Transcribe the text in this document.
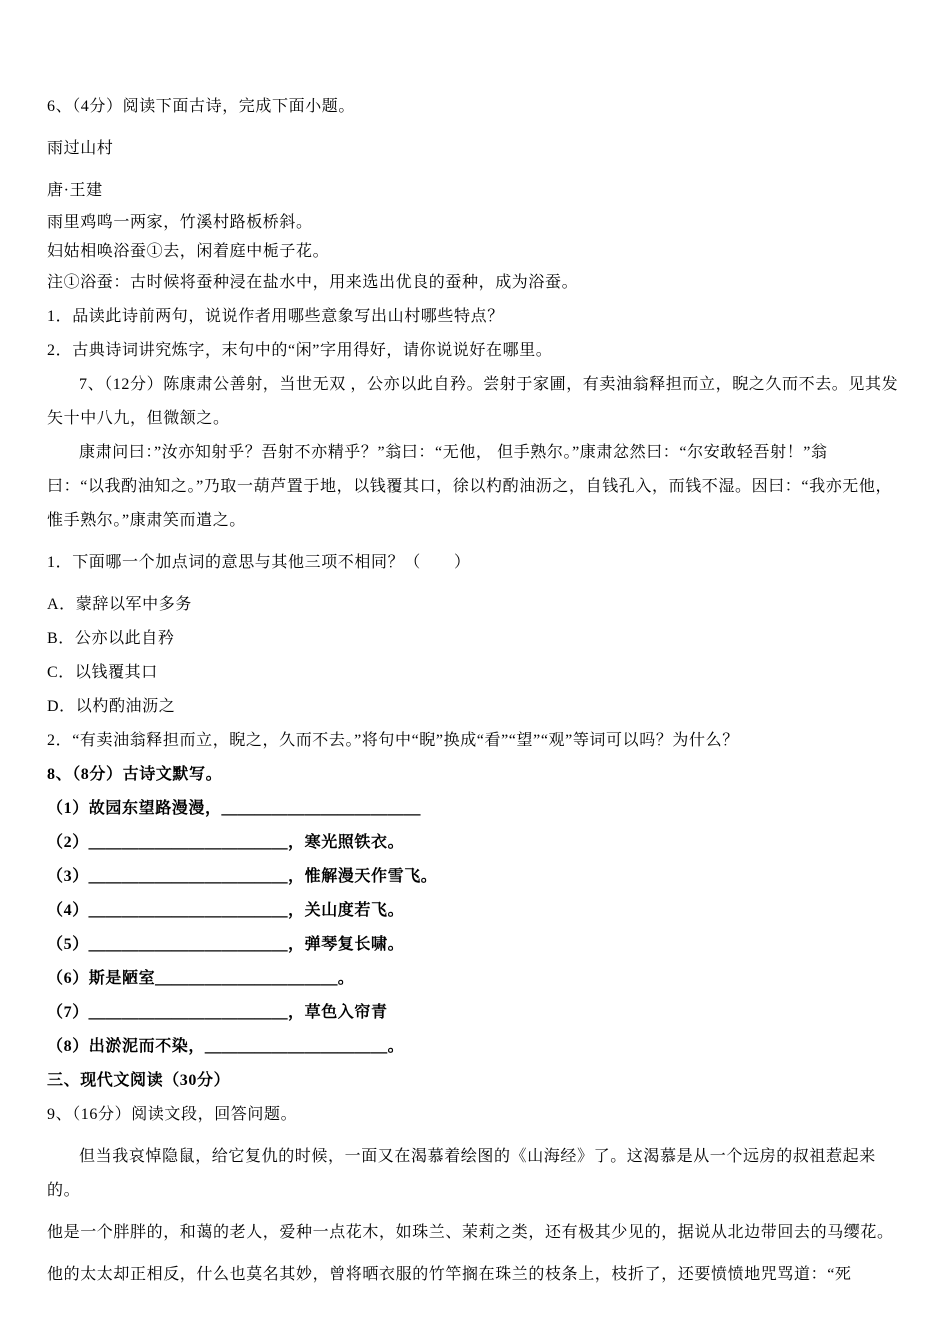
6、（4分）阅读下面古诗，完成下面小题。
雨过山村
唐·王建
雨里鸡鸣一两家，竹溪村路板桥斜。
妇姑相唤浴蚕①去，闲着庭中栀子花。
注①浴蚕：古时候将蚕种浸在盐水中，用来选出优良的蚕种，成为浴蚕。
1．品读此诗前两句，说说作者用哪些意象写出山村哪些特点？
2．古典诗词讲究炼字，末句中的“闲”字用得好，请你说说好在哪里。
7、（12分）陈康肃公善射，当世无双 ，公亦以此自矜。尝射于家圃，有卖油翁释担而立，睨之久而不去。见其发
矢十中八九，但微颔之。
康肃问曰：”汝亦知射乎？吾射不亦精乎？”翁曰：“无他， 但手熟尔。”康肃忿然曰：“尔安敢轻吾射！”翁
曰：“以我酌油知之。”乃取一葫芦置于地，以钱覆其口，徐以杓酌油沥之，自钱孔入，而钱不湿。因曰：“我亦无他，
惟手熟尔。”康肃笑而遣之。
1．下面哪一个加点词的意思与其他三项不相同？（　　）
A．蒙辞以军中多务
B．公亦以此自矜
C．以钱覆其口
D．以杓酌油沥之
2．“有卖油翁释担而立，睨之，久而不去。”将句中“睨”换成“看”“望”“观”等词可以吗？为什么？
8、（8分）古诗文默写。
（1）故园东望路漫漫，＿＿＿＿＿＿＿＿＿＿＿＿
（2）＿＿＿＿＿＿＿＿＿＿＿＿，寒光照铁衣。
（3）＿＿＿＿＿＿＿＿＿＿＿＿，惟解漫天作雪飞。
（4）＿＿＿＿＿＿＿＿＿＿＿＿，关山度若飞。
（5）＿＿＿＿＿＿＿＿＿＿＿＿，弹琴复长啸。
（6）斯是陋室＿＿＿＿＿＿＿＿＿＿＿。
（7）＿＿＿＿＿＿＿＿＿＿＿＿，草色入帘青
（8）出淤泥而不染，＿＿＿＿＿＿＿＿＿＿＿。
三、现代文阅读（30分）
9、（16分）阅读文段，回答问题。
但当我哀悼隐鼠，给它复仇的时候，一面又在渴慕着绘图的《山海经》了。这渴慕是从一个远房的叔祖惹起来的。
他是一个胖胖的，和蔼的老人，爱种一点花木，如珠兰、茉莉之类，还有极其少见的，据说从北边带回去的马缨花。
他的太太却正相反，什么也莫名其妙，曾将晒衣服的竹竿搁在珠兰的枝条上，枝折了，还要愤愤地咒骂道：“死
